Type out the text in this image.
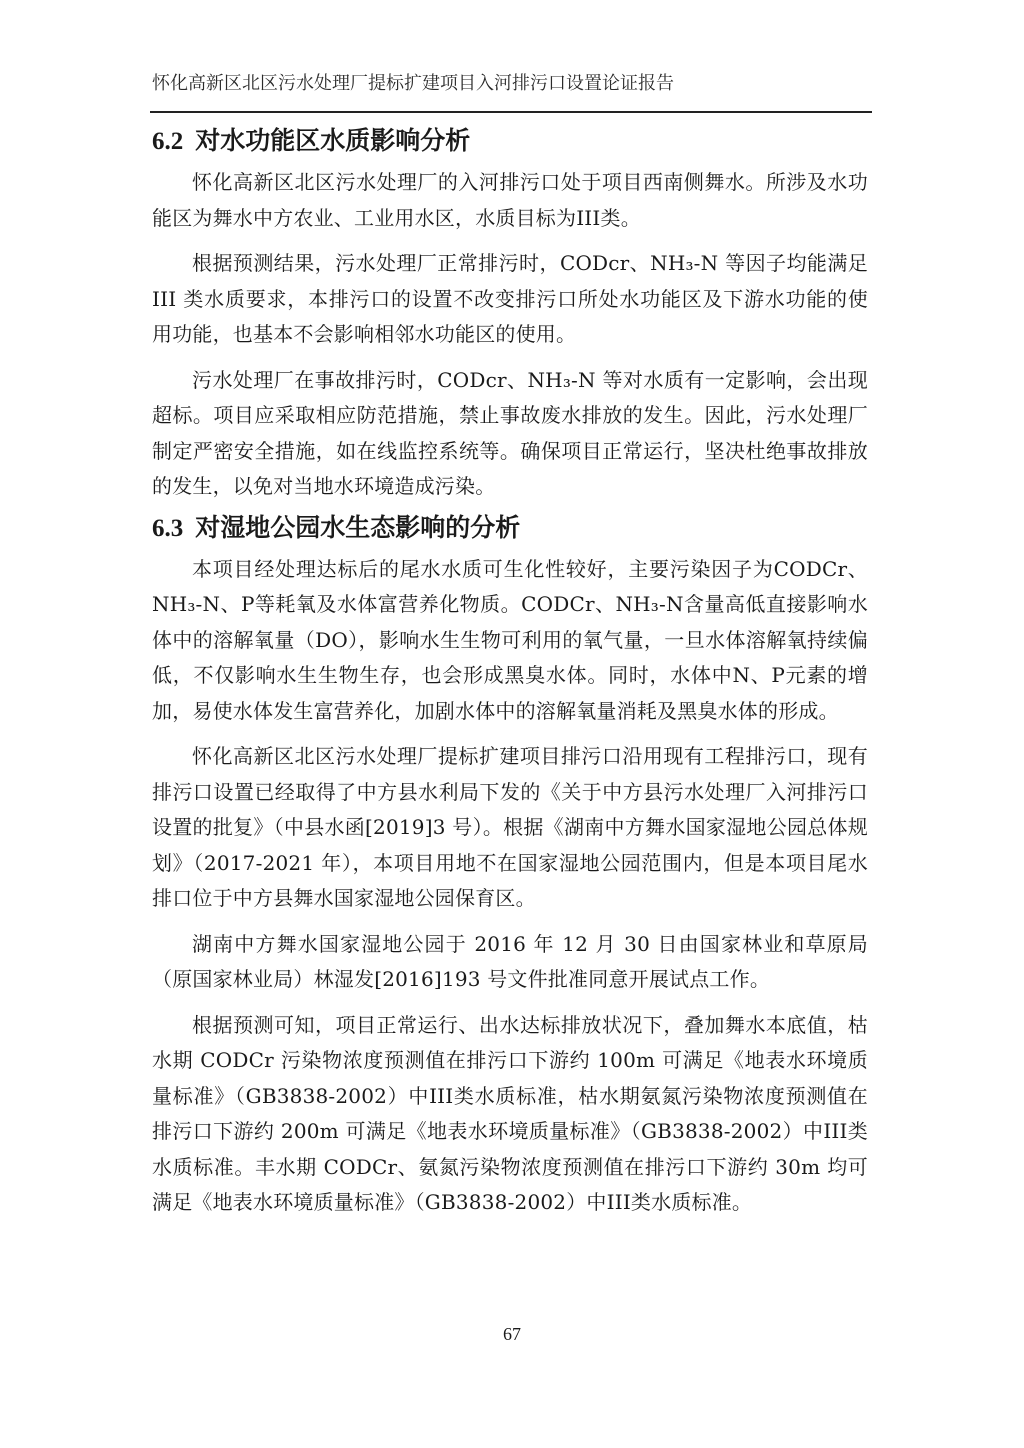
怀化高新区北区污水处理厂提标扩建项目入河排污口设置论证报告
6.2 对水功能区水质影响分析

怀化高新区北区污水处理厂的入河排污口处于项目西南侧舞水。所涉及水功能区为舞水中方农业、工业用水区，水质目标为III类。

根据预测结果，污水处理厂正常排污时，CODcr、NH₃-N 等因子均能满足 III 类水质要求，本排污口的设置不改变排污口所处水功能区及下游水功能的使用功能，也基本不会影响相邻水功能区的使用。

污水处理厂在事故排污时，CODcr、NH₃-N 等对水质有一定影响，会出现超标。项目应采取相应防范措施，禁止事故废水排放的发生。因此，污水处理厂制定严密安全措施，如在线监控系统等。确保项目正常运行，坚决杜绝事故排放的发生，以免对当地水环境造成污染。

6.3 对湿地公园水生态影响的分析

本项目经处理达标后的尾水水质可生化性较好，主要污染因子为CODCr、NH₃-N、P等耗氧及水体富营养化物质。CODCr、NH₃-N含量高低直接影响水体中的溶解氧量（DO），影响水生生物可利用的氧气量，一旦水体溶解氧持续偏低，不仅影响水生生物生存，也会形成黑臭水体。同时，水体中N、P元素的增加，易使水体发生富营养化，加剧水体中的溶解氧量消耗及黑臭水体的形成。

怀化高新区北区污水处理厂提标扩建项目排污口沿用现有工程排污口，现有排污口设置已经取得了中方县水利局下发的《关于中方县污水处理厂入河排污口设置的批复》（中县水函[2019]3 号）。根据《湖南中方舞水国家湿地公园总体规划》（2017-2021 年），本项目用地不在国家湿地公园范围内，但是本项目尾水排口位于中方县舞水国家湿地公园保育区。

湖南中方舞水国家湿地公园于 2016 年 12 月 30 日由国家林业和草原局（原国家林业局）林湿发[2016]193 号文件批准同意开展试点工作。

根据预测可知，项目正常运行、出水达标排放状况下，叠加舞水本底值，枯水期 CODCr 污染物浓度预测值在排污口下游约 100m 可满足《地表水环境质量标准》（GB3838-2002）中III类水质标准，枯水期氨氮污染物浓度预测值在排污口下游约 200m 可满足《地表水环境质量标准》（GB3838-2002）中III类水质标准。丰水期 CODCr、氨氮污染物浓度预测值在排污口下游约 30m 均可满足《地表水环境质量标准》（GB3838-2002）中III类水质标准。

67
